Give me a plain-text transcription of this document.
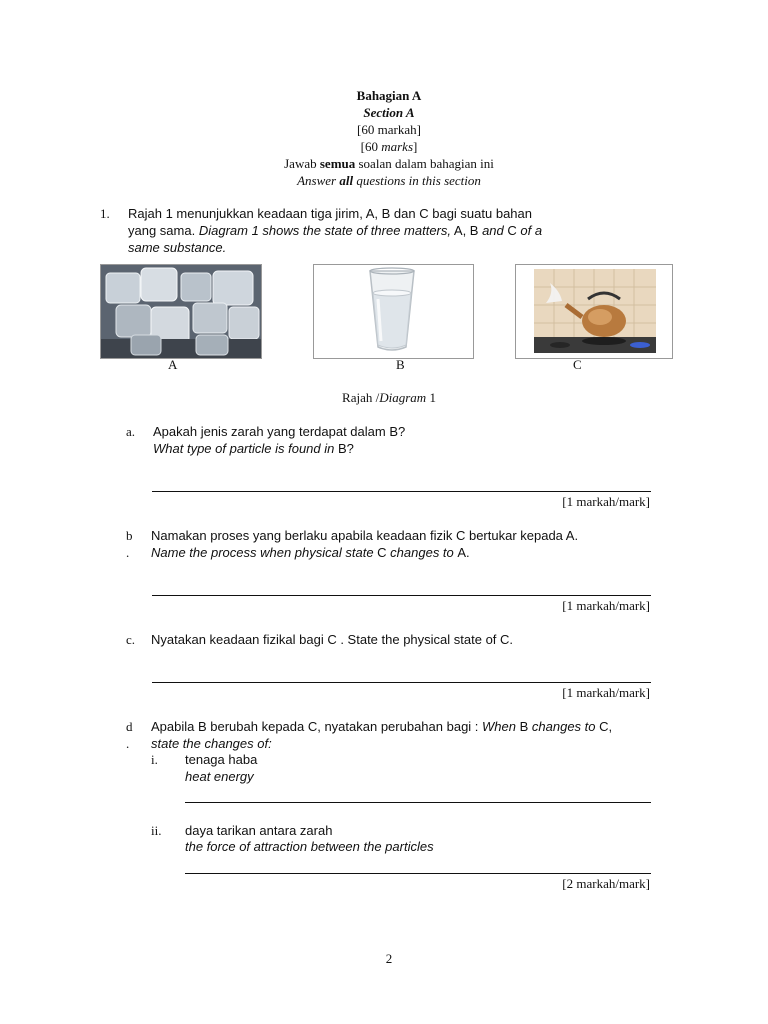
Bahagian A
Section A
[60 markah]
[60 marks]
Jawab semua soalan dalam bahagian ini
Answer all questions in this section
1. Rajah 1 menunjukkan keadaan tiga jirim, A, B dan C bagi suatu bahan
yang sama. Diagram 1 shows the state of three matters, A, B and C of a
same substance.
A	B	C
Rajah /Diagram 1
a. Apakah jenis zarah yang terdapat dalam B?
What type of particle is found in B?
[1 markah/mark]
b
.
Namakan proses yang berlaku apabila keadaan fizik C bertukar kepada A.
Name the process when physical state C changes to A.
[1 markah/mark]
c. Nyatakan keadaan fizikal bagi C . State the physical state of C.
[1 markah/mark]
d
.
Apabila B berubah kepada C, nyatakan perubahan bagi : When B changes to C,
state the changes of:
i. tenaga haba
heat energy
ii. daya tarikan antara zarah
the force of attraction between the particles
[2 markah/mark]
2
